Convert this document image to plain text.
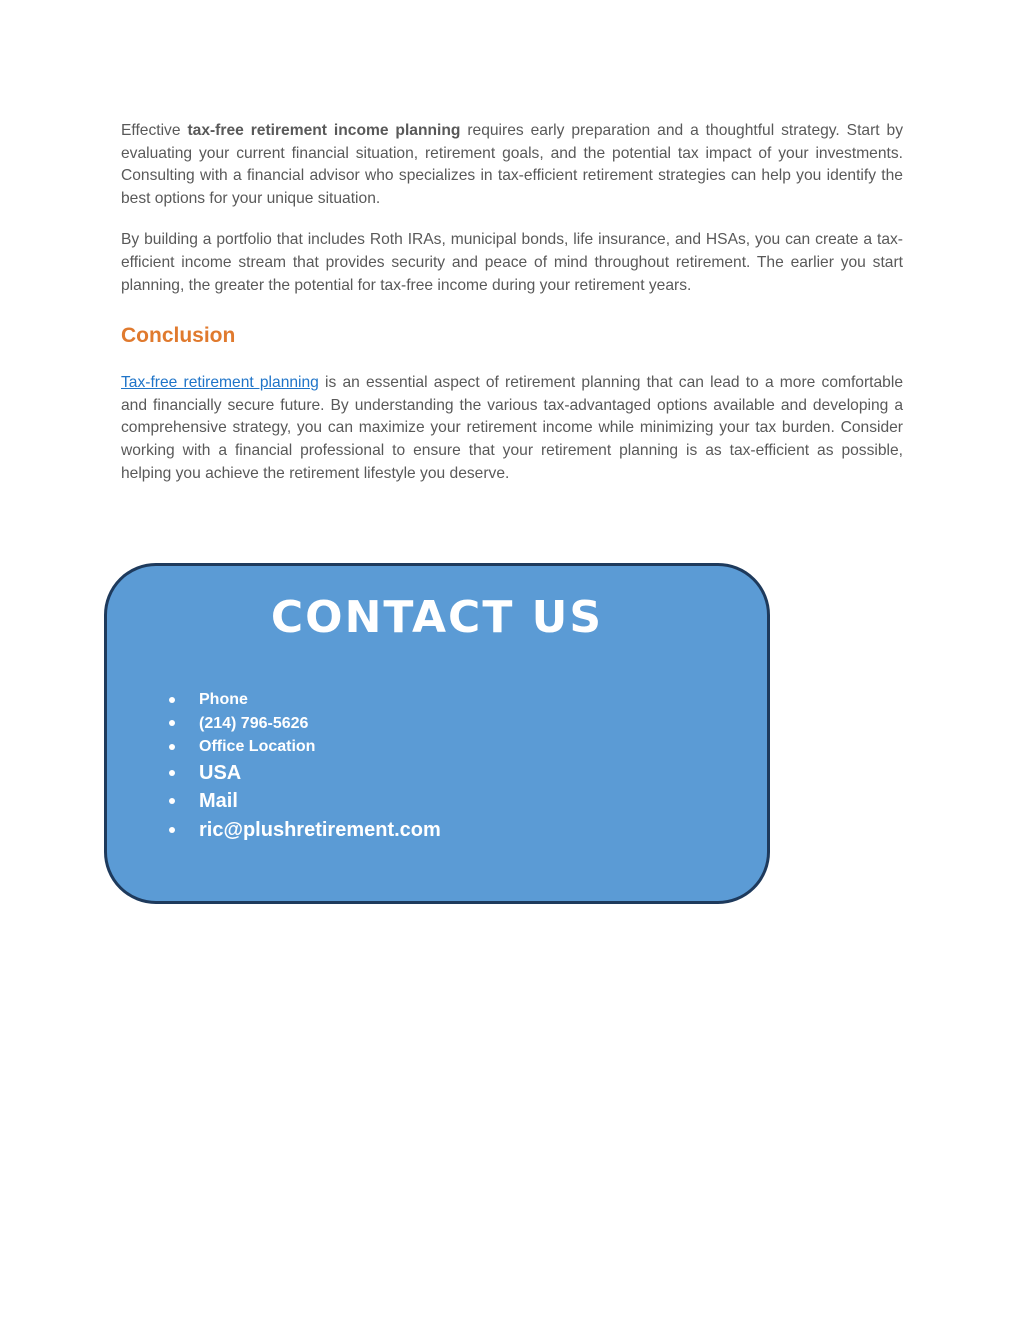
Effective tax-free retirement income planning requires early preparation and a thoughtful strategy. Start by evaluating your current financial situation, retirement goals, and the potential tax impact of your investments. Consulting with a financial advisor who specializes in tax-efficient retirement strategies can help you identify the best options for your unique situation.

By building a portfolio that includes Roth IRAs, municipal bonds, life insurance, and HSAs, you can create a tax-efficient income stream that provides security and peace of mind throughout retirement. The earlier you start planning, the greater the potential for tax-free income during your retirement years.

Conclusion

Tax-free retirement planning is an essential aspect of retirement planning that can lead to a more comfortable and financially secure future. By understanding the various tax-advantaged options available and developing a comprehensive strategy, you can maximize your retirement income while minimizing your tax burden. Consider working with a financial professional to ensure that your retirement planning is as tax-efficient as possible, helping you achieve the retirement lifestyle you deserve.

CONTACT US
Phone
(214) 796-5626
Office Location
USA
Mail
ric@plushretirement.com
